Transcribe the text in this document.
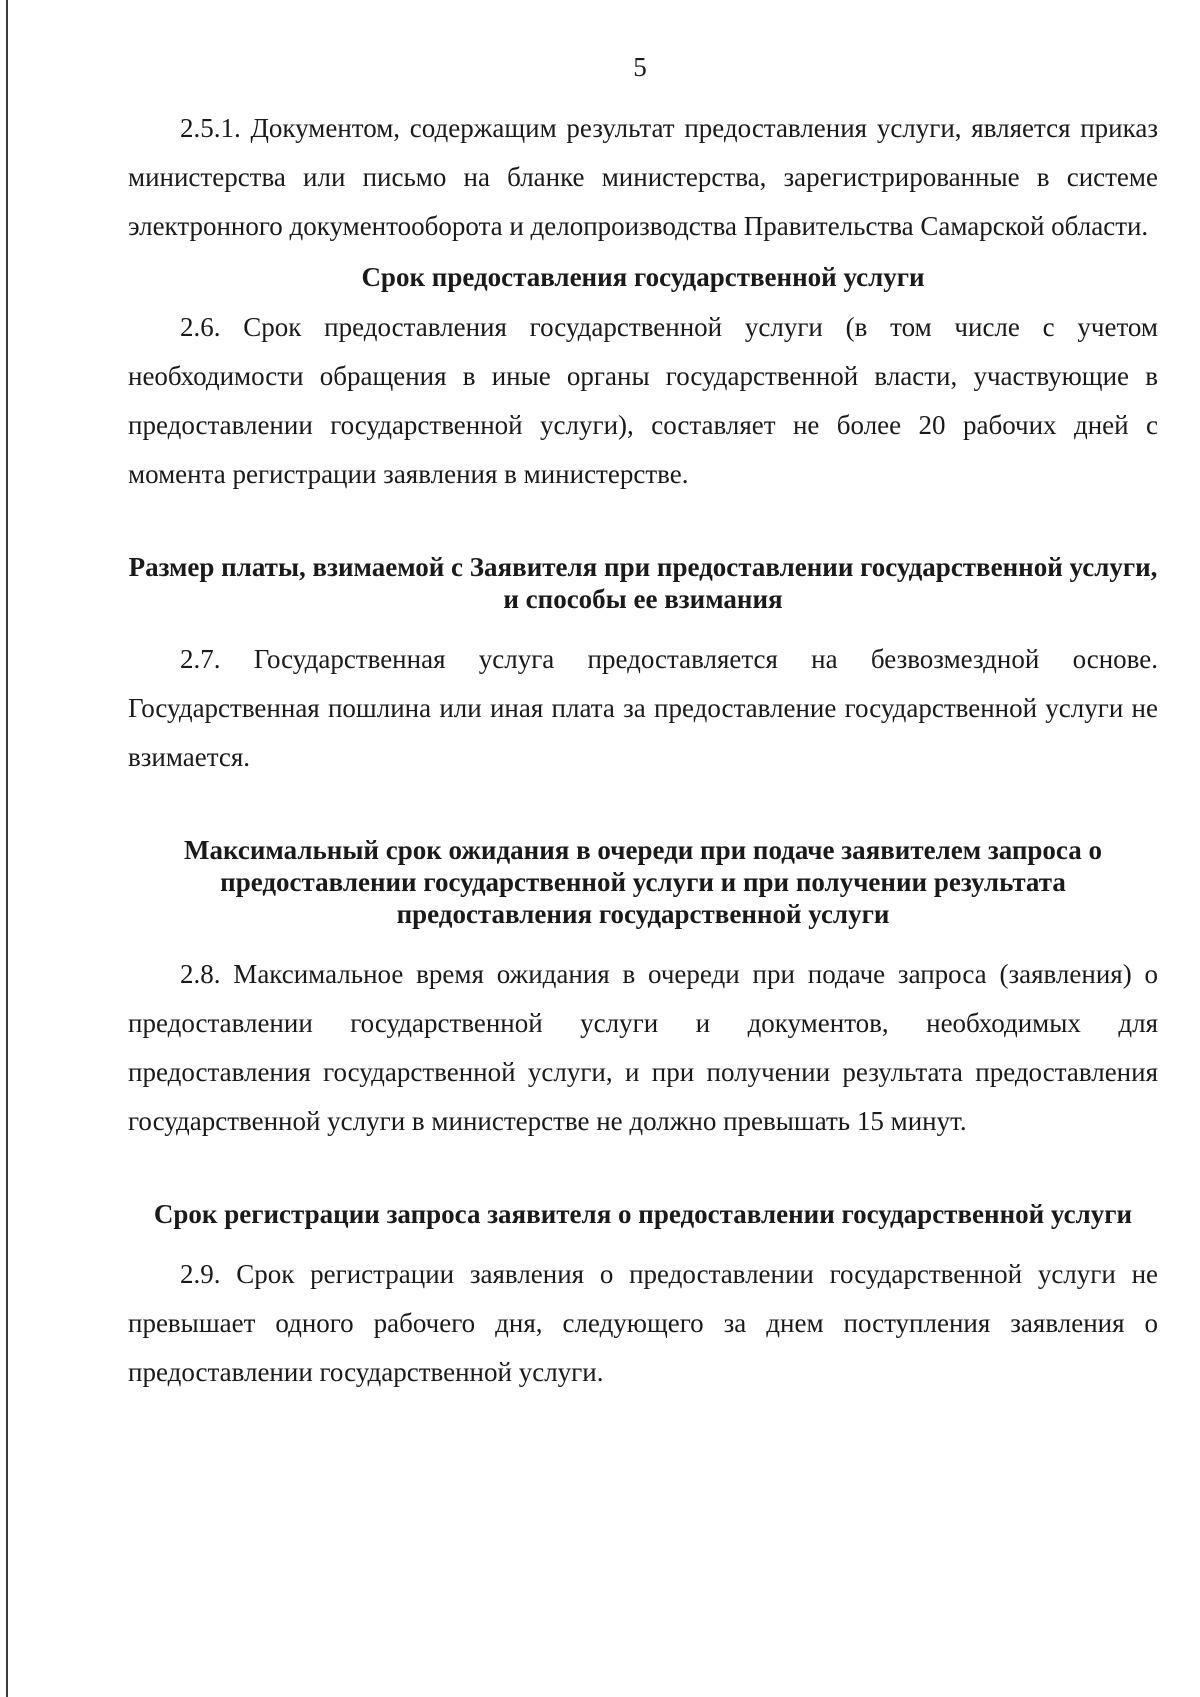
5

2.5.1. Документом, содержащим результат предоставления услуги, является приказ министерства или письмо на бланке министерства, зарегистрированные в системе электронного документооборота и делопроизводства Правительства Самарской области.

Срок предоставления государственной услуги

2.6. Срок предоставления государственной услуги (в том числе с учетом необходимости обращения в иные органы государственной власти, участвующие в предоставлении государственной услуги), составляет не более 20 рабочих дней с момента регистрации заявления в министерстве.

Размер платы, взимаемой с Заявителя при предоставлении государственной услуги, и способы ее взимания

2.7. Государственная услуга предоставляется на безвозмездной основе. Государственная пошлина или иная плата за предоставление государственной услуги не взимается.

Максимальный срок ожидания в очереди при подаче заявителем запроса о предоставлении государственной услуги и при получении результата предоставления государственной услуги

2.8. Максимальное время ожидания в очереди при подаче запроса (заявления) о предоставлении государственной услуги и документов, необходимых для предоставления государственной услуги, и при получении результата предоставления государственной услуги в министерстве не должно превышать 15 минут.

Срок регистрации запроса заявителя о предоставлении государственной услуги

2.9. Срок регистрации заявления о предоставлении государственной услуги не превышает одного рабочего дня, следующего за днем поступления заявления о предоставлении государственной услуги.
